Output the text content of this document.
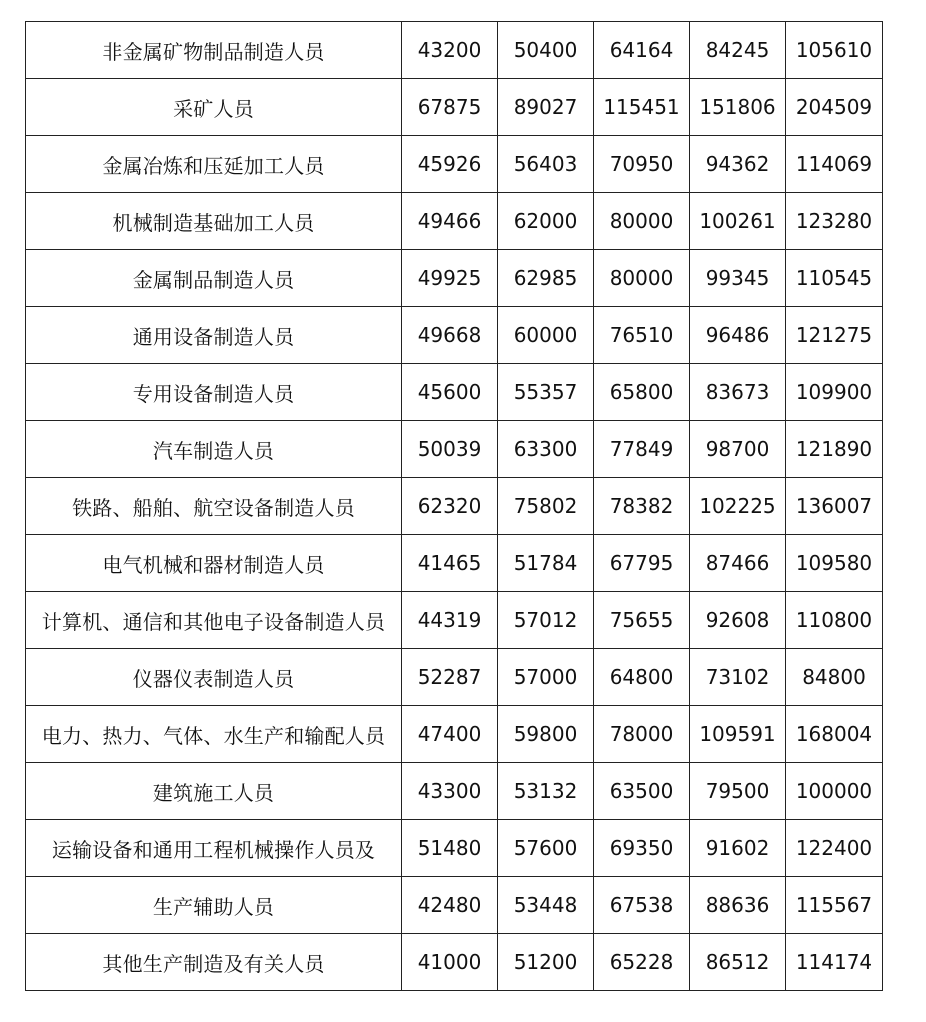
非金属矿物制品制造人员	43200	50400	64164	84245	105610
采矿人员	67875	89027	115451	151806	204509
金属冶炼和压延加工人员	45926	56403	70950	94362	114069
机械制造基础加工人员	49466	62000	80000	100261	123280
金属制品制造人员	49925	62985	80000	99345	110545
通用设备制造人员	49668	60000	76510	96486	121275
专用设备制造人员	45600	55357	65800	83673	109900
汽车制造人员	50039	63300	77849	98700	121890
铁路、船舶、航空设备制造人员	62320	75802	78382	102225	136007
电气机械和器材制造人员	41465	51784	67795	87466	109580
计算机、通信和其他电子设备制造人员	44319	57012	75655	92608	110800
仪器仪表制造人员	52287	57000	64800	73102	84800
电力、热力、气体、水生产和输配人员	47400	59800	78000	109591	168004
建筑施工人员	43300	53132	63500	79500	100000
运输设备和通用工程机械操作人员及	51480	57600	69350	91602	122400
生产辅助人员	42480	53448	67538	88636	115567
其他生产制造及有关人员	41000	51200	65228	86512	114174
